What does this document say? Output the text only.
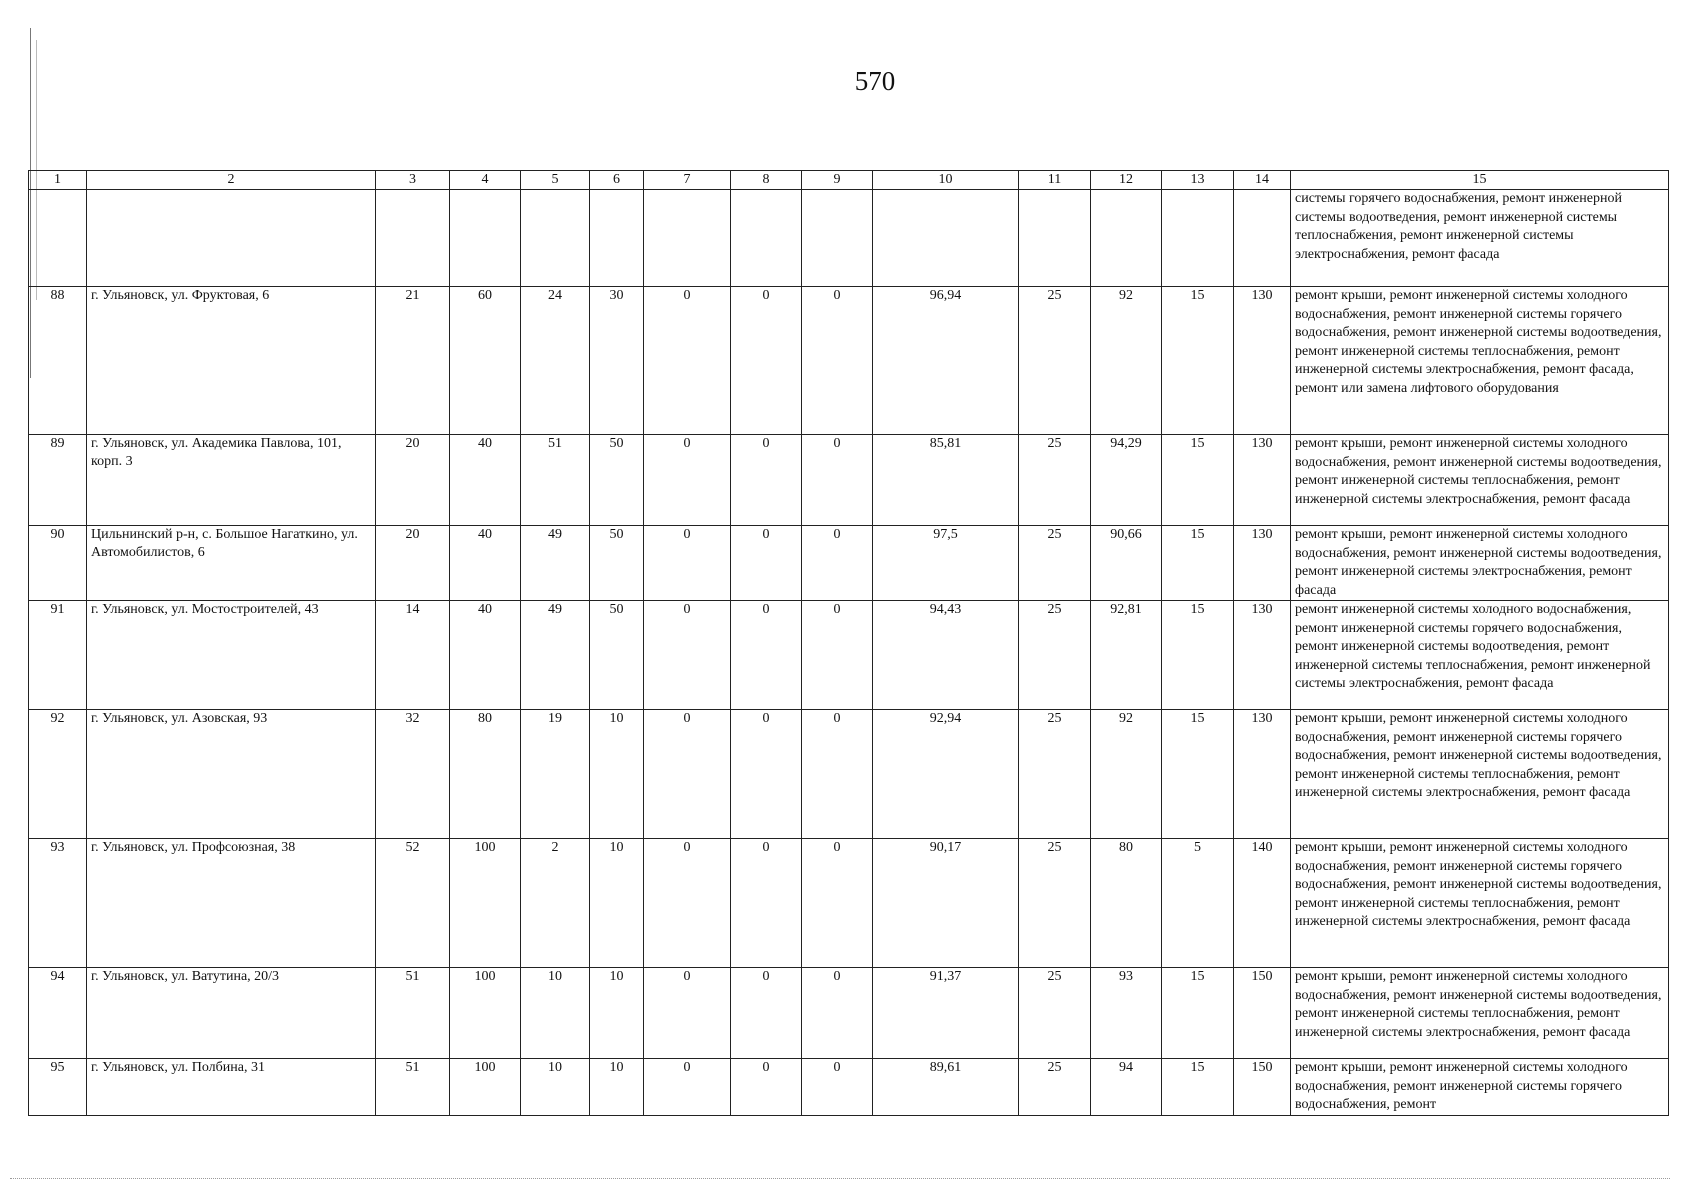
570
1	2	3	4	5	6	7	8	9	10	11	12	13	14	15
														системы горячего водоснабжения, ремонт инженерной системы водоотведения, ремонт инженерной системы теплоснабжения, ремонт инженерной системы электроснабжения, ремонт фасада
88	г. Ульяновск, ул. Фруктовая, 6	21	60	24	30	0	0	0	96,94	25	92	15	130	ремонт крыши, ремонт инженерной системы холодного водоснабжения, ремонт инженерной системы горячего водоснабжения, ремонт инженерной системы водоотведения, ремонт инженерной системы теплоснабжения, ремонт инженерной системы электроснабжения, ремонт фасада, ремонт или замена лифтового оборудования
89	г. Ульяновск, ул. Академика Павлова, 101, корп. 3	20	40	51	50	0	0	0	85,81	25	94,29	15	130	ремонт крыши, ремонт инженерной системы холодного водоснабжения, ремонт инженерной системы водоотведения, ремонт инженерной системы теплоснабжения, ремонт инженерной системы электроснабжения, ремонт фасада
90	Цильнинский р-н, с. Большое Нагаткино, ул. Автомобилистов, 6	20	40	49	50	0	0	0	97,5	25	90,66	15	130	ремонт крыши, ремонт инженерной системы холодного водоснабжения, ремонт инженерной системы водоотведения, ремонт инженерной системы электроснабжения, ремонт фасада
91	г. Ульяновск, ул. Мостостроителей, 43	14	40	49	50	0	0	0	94,43	25	92,81	15	130	ремонт инженерной системы холодного водоснабжения, ремонт инженерной системы горячего водоснабжения, ремонт инженерной системы водоотведения, ремонт инженерной системы теплоснабжения, ремонт инженерной системы электроснабжения, ремонт фасада
92	г. Ульяновск, ул. Азовская, 93	32	80	19	10	0	0	0	92,94	25	92	15	130	ремонт крыши, ремонт инженерной системы холодного водоснабжения, ремонт инженерной системы горячего водоснабжения, ремонт инженерной системы водоотведения, ремонт инженерной системы теплоснабжения, ремонт инженерной системы электроснабжения, ремонт фасада
93	г. Ульяновск, ул. Профсоюзная, 38	52	100	2	10	0	0	0	90,17	25	80	5	140	ремонт крыши, ремонт инженерной системы холодного водоснабжения, ремонт инженерной системы горячего водоснабжения, ремонт инженерной системы водоотведения, ремонт инженерной системы теплоснабжения, ремонт инженерной системы электроснабжения, ремонт фасада
94	г. Ульяновск, ул. Ватутина, 20/3	51	100	10	10	0	0	0	91,37	25	93	15	150	ремонт крыши, ремонт инженерной системы холодного водоснабжения, ремонт инженерной системы водоотведения, ремонт инженерной системы теплоснабжения, ремонт инженерной системы электроснабжения, ремонт фасада
95	г. Ульяновск, ул. Полбина, 31	51	100	10	10	0	0	0	89,61	25	94	15	150	ремонт крыши, ремонт инженерной системы холодного водоснабжения, ремонт инженерной системы горячего водоснабжения, ремонт
